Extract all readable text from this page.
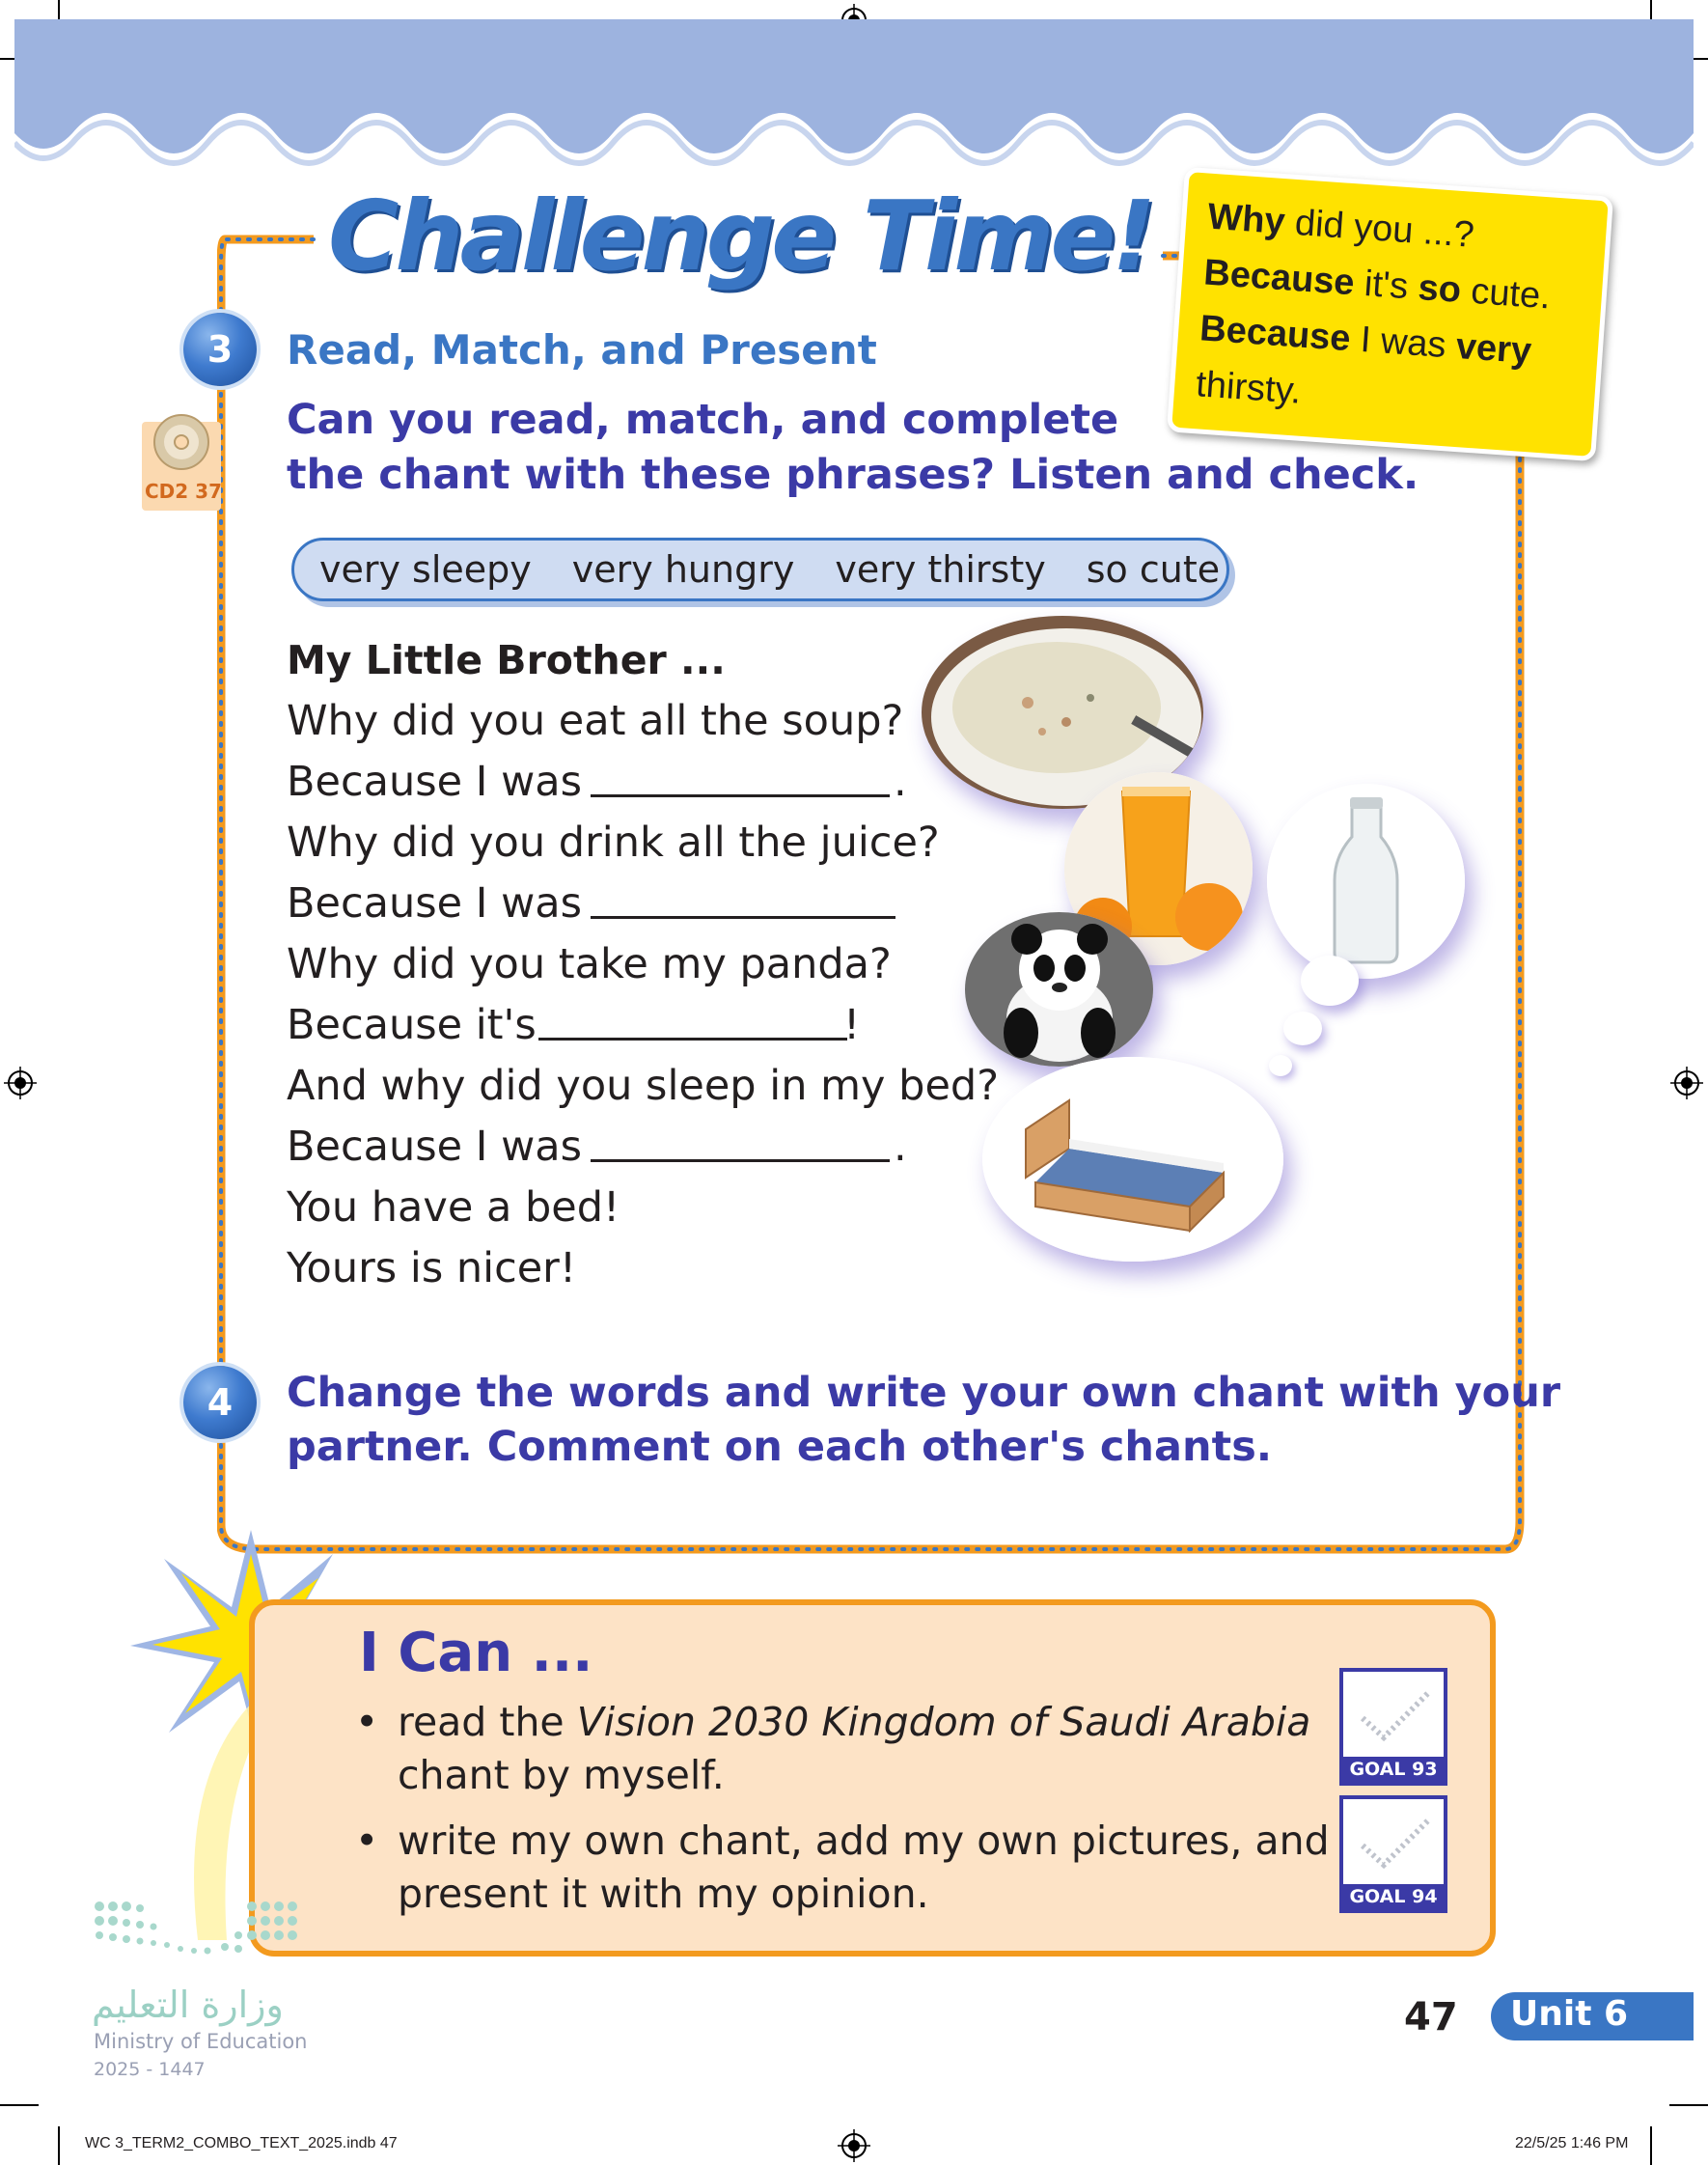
Challenge Time! Why did you ...?
Because it's so cute.
Because I was very
thirsty.
3	Read, Match, and Present
CD2 37
Can you read, match, and complete
the chant with these phrases? Listen and check.
very sleepy very hungry very thirsty so cute
My Little Brother ...
Why did you eat all the soup?
Because I was	.
Why did you drink all the juice?
Because I was
Why did you take my panda?
Because it's	!
And why did you sleep in my bed?
Because I was	.
You have a bed!
Yours is nicer!
4	Change the words and write your own chant with your
partner. Comment on each other's chants.
I Can ...
• read the Vision 2030 Kingdom of Saudi Arabia
chant by myself.
• write my own chant, add my own pictures, and
present it with my opinion.
GOAL 93
GOAL 94
وزارة التعليم
Ministry of Education
2025 - 1447
47 Unit 6
WC 3_TERM2_COMBO_TEXT_2025.indb 47	22/5/25 1:46 PM
